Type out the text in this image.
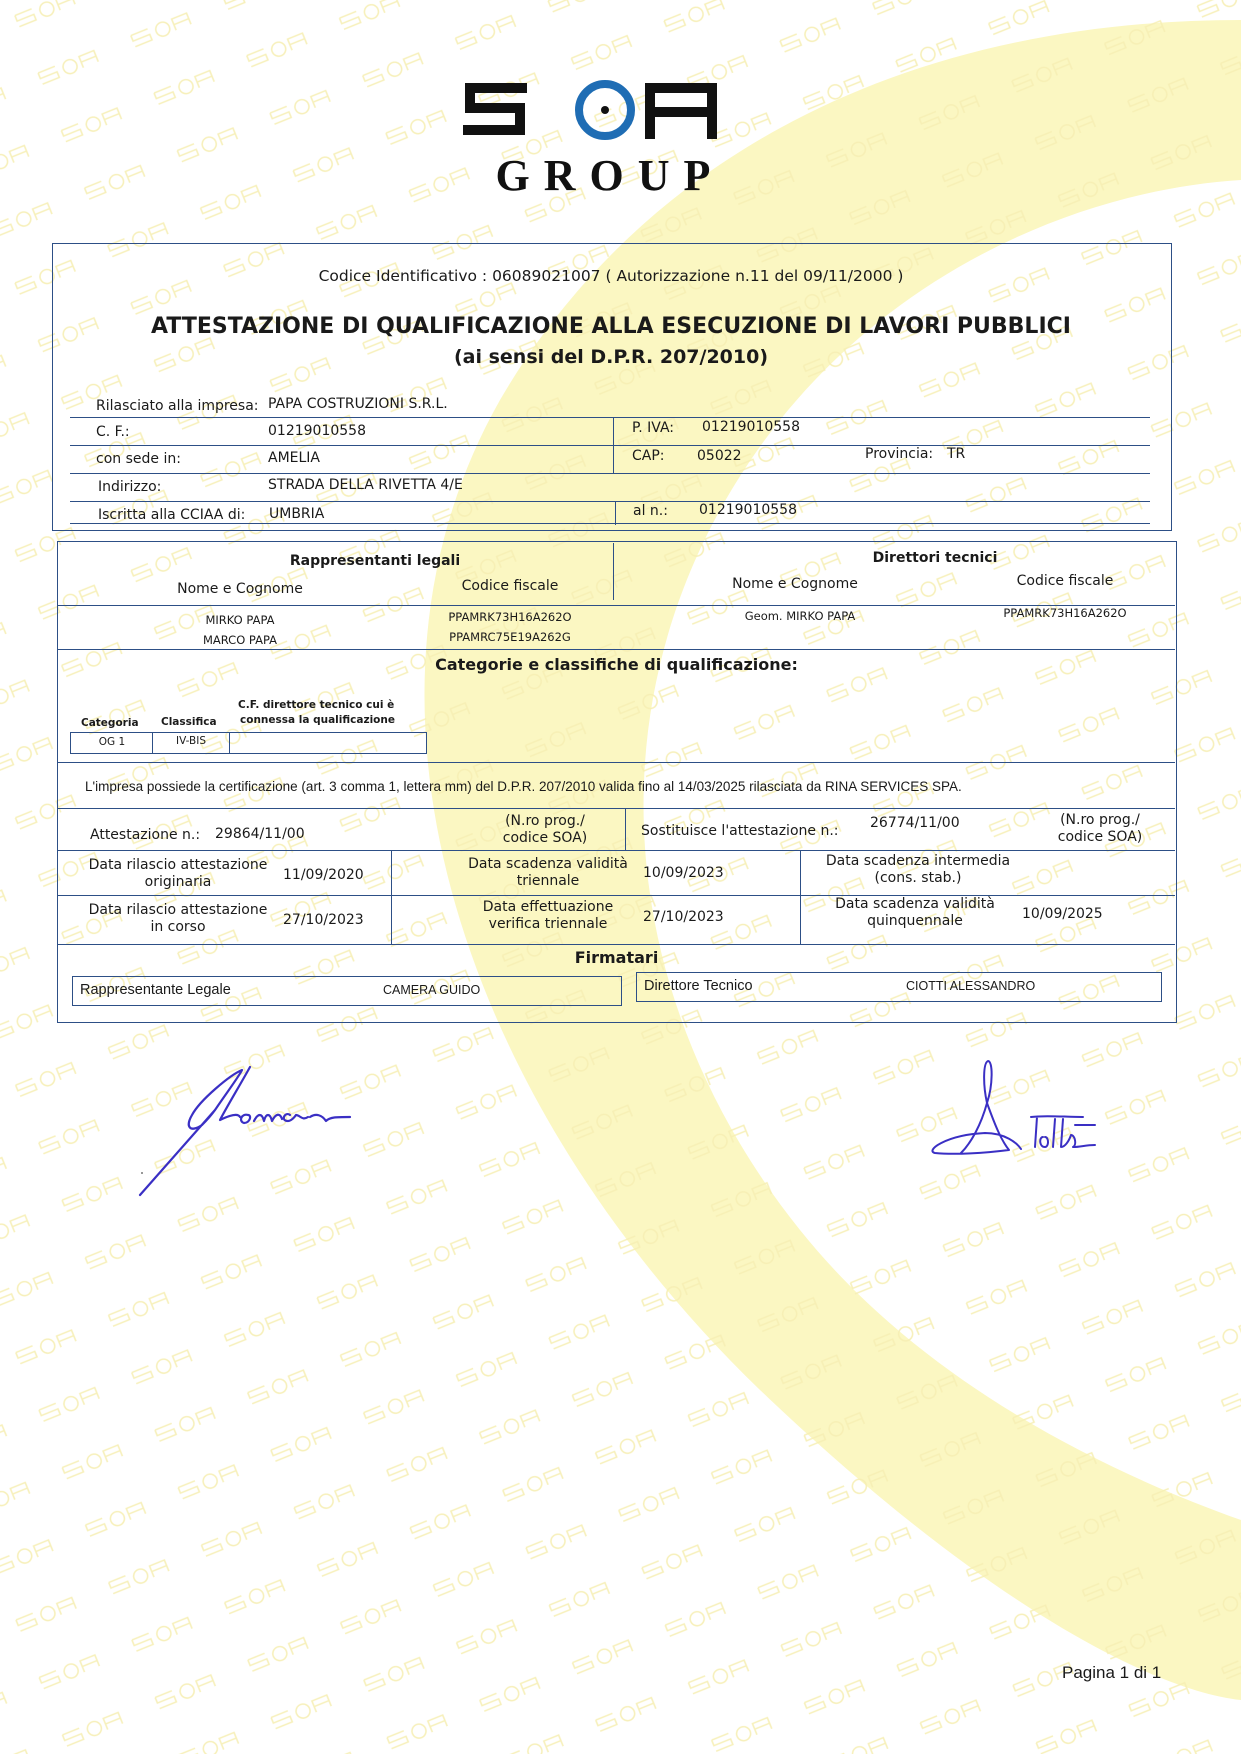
GROUP
Codice Identificativo : 06089021007 ( Autorizzazione n.11 del 09/11/2000 )
ATTESTAZIONE DI QUALIFICAZIONE ALLA ESECUZIONE DI LAVORI PUBBLICI
(ai sensi del D.P.R. 207/2010)
Rilasciato alla impresa: PAPA COSTRUZIONI S.R.L.
C. F.:	01219010558	P. IVA: 01219010558
con sede in:	AMELIA	CAP: 05022	Provincia: TR
Indirizzo:	STRADA DELLA RIVETTA 4/E
Iscritta alla CCIAA di: UMBRIA	al n.: 01219010558
Rappresentanti legali
Nome e Cognome	Codice fiscale
Direttori tecnici
Nome e Cognome	Codice fiscale
MIRKO PAPA	PPAMRK73H16A262O
MARCO PAPA	PPAMRC75E19A262G
Geom. MIRKO PAPA	PPAMRK73H16A262O
Categorie e classifiche di qualificazione:
C.F. direttore tecnico cui è
connessa la qualificazione
Categoria Classifica
OG 1	IV-BIS
L'impresa possiede la certificazione (art. 3 comma 1, lettera mm) del D.P.R. 207/2010 valida fino al 14/03/2025 rilasciata da RINA SERVICES SPA.
Attestazione n.: 29864/11/00
(N.ro prog./
codice SOA)	Sostituisce l'attestazione n.: 26774/11/00	(N.ro prog./
codice SOA)
Data rilascio attestazione
originaria	11/09/2020
Data scadenza validità
triennale	10/09/2023
Data scadenza intermedia
(cons. stab.)
Data rilascio attestazione
in corso	27/10/2023
Data effettuazione
verifica triennale	27/10/2023
Data scadenza validità
quinquennale	10/09/2025
Firmatari
Rappresentante Legale	CAMERA GUIDO	Direttore Tecnico	CIOTTI ALESSANDRO
Pagina 1 di 1
